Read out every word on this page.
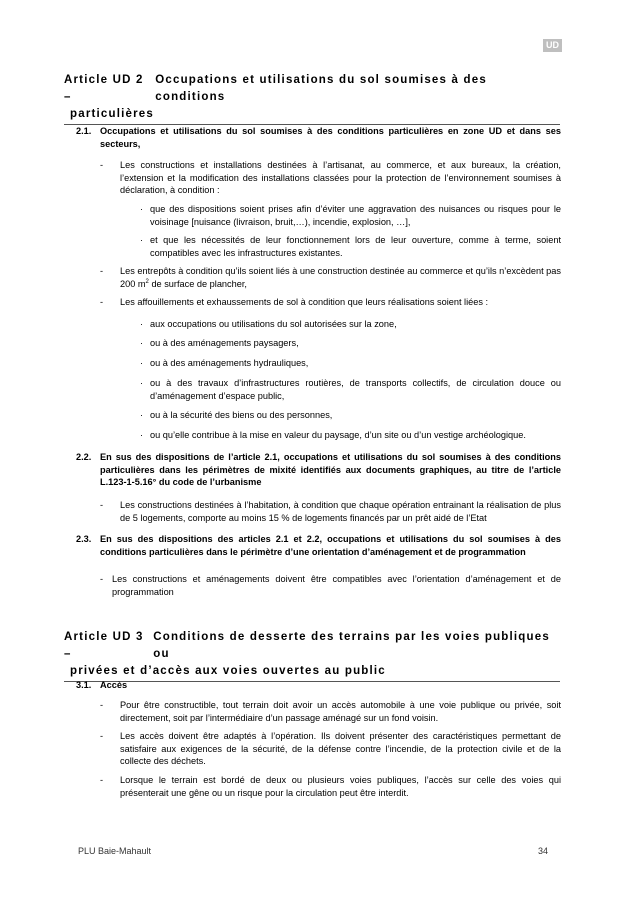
UD
Article UD 2 –
Occupations et utilisations du sol soumises à des conditions
particulières
2.1. Occupations et utilisations du sol soumises à des conditions particulières en zone UD et dans ses secteurs,
- Les constructions et installations destinées à l’artisanat, au commerce, et aux bureaux, la création, l’extension et la modification des installations classées pour la protection de l’environnement soumises à déclaration, à condition :
· que des dispositions soient prises afin d’éviter une aggravation des nuisances ou risques pour le voisinage [nuisance (livraison, bruit,…), incendie, explosion, …],
· et que les nécessités de leur fonctionnement lors de leur ouverture, comme à terme, soient compatibles avec les infrastructures existantes.
- Les entrepôts à condition qu’ils soient liés à une construction destinée au commerce et qu’ils n’excèdent pas 200 $m^2$ de surface de plancher,
- Les affouillements et exhaussements de sol à condition que leurs réalisations soient liées :
· aux occupations ou utilisations du sol autorisées sur la zone,
· ou à des aménagements paysagers,
· ou à des aménagements hydrauliques,
· ou à des travaux d’infrastructures routières, de transports collectifs, de circulation douce ou d’aménagement d’espace public,
· ou à la sécurité des biens ou des personnes,
· ou qu’elle contribue à la mise en valeur du paysage, d’un site ou d’un vestige archéologique.
2.2. En sus des dispositions de l’article 2.1, occupations et utilisations du sol soumises à des conditions particulières dans les périmètres de mixité identifiés aux documents graphiques, au titre de l’article L.123-1-5.16° du code de l’urbanisme
- Les constructions destinées à l’habitation, à condition que chaque opération entrainant la réalisation de plus de 5 logements, comporte au moins 15 % de logements financés par un prêt aidé de l’Etat
2.3. En sus des dispositions des articles 2.1 et 2.2, occupations et utilisations du sol soumises à des conditions particulières dans le périmètre d’une orientation d’aménagement et de programmation
- Les constructions et aménagements doivent être compatibles avec l’orientation d’aménagement et de programmation
Article UD 3 –
Conditions de desserte des terrains par les voies publiques ou
privées et d’accès aux voies ouvertes au public
3.1. Accès
- Pour être constructible, tout terrain doit avoir un accès automobile à une voie publique ou privée, soit directement, soit par l’intermédiaire d’un passage aménagé sur un fond voisin.
- Les accès doivent être adaptés à l’opération. Ils doivent présenter des caractéristiques permettant de satisfaire aux exigences de la sécurité, de la défense contre l’incendie, de la protection civile et de la collecte des déchets.
- Lorsque le terrain est bordé de deux ou plusieurs voies publiques, l’accès sur celle des voies qui présenterait une gêne ou un risque pour la circulation peut être interdit.
PLU Baie-Mahault	34
